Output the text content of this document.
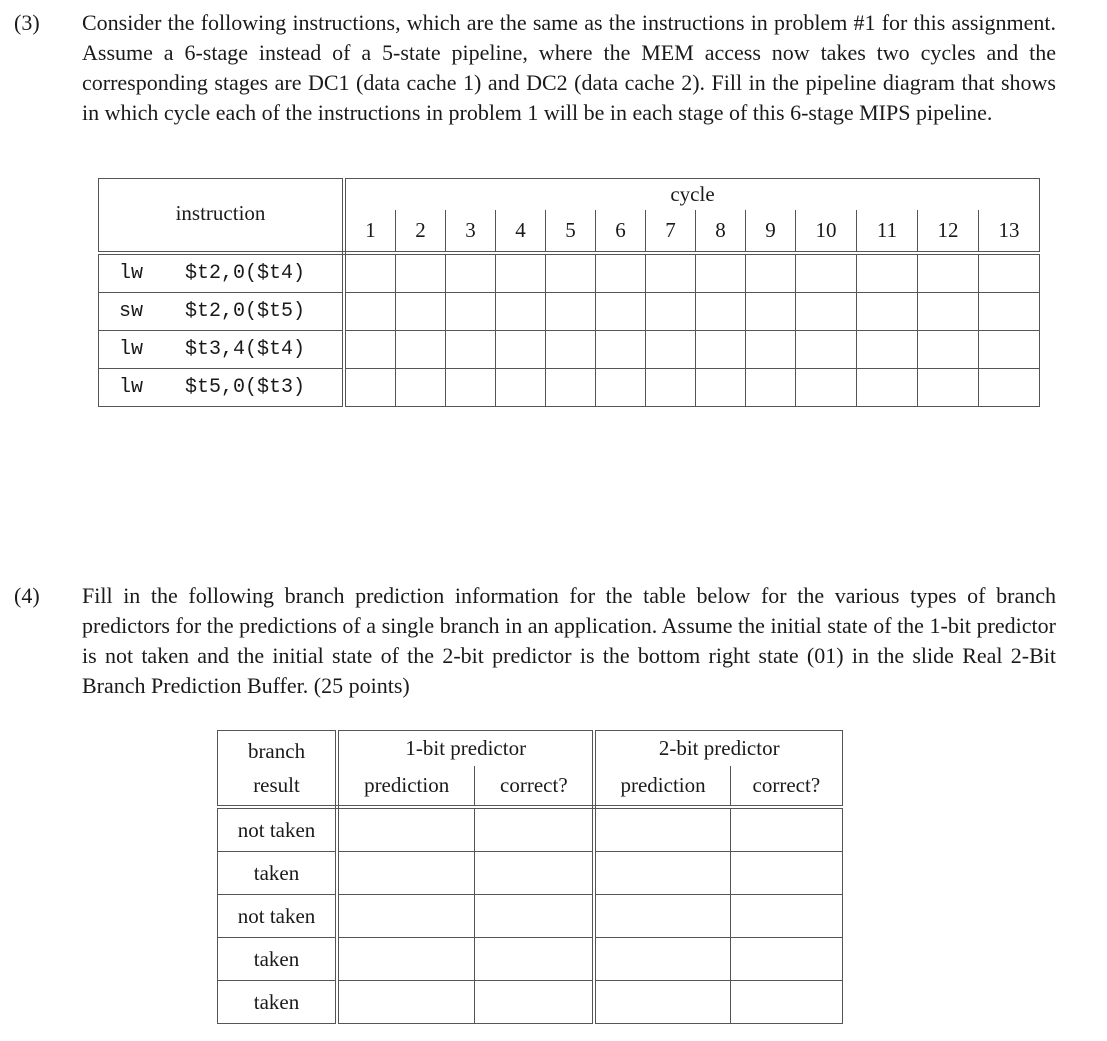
(3) Consider the following instructions, which are the same as the instructions in problem #1 for this assignment. Assume a 6-stage instead of a 5-state pipeline, where the MEM access now takes two cycles and the corresponding stages are DC1 (data cache 1) and DC2 (data cache 2). Fill in the pipeline diagram that shows in which cycle each of the instructions in problem 1 will be in each stage of this 6-stage MIPS pipeline.

instruction		cycle												
		1	2	3	4	5	6	7	8	9	10	11	12	13
lw	$t2,0($t4)													
sw	$t2,0($t5)													
lw	$t3,4($t4)													
lw	$t5,0($t3)													
(4) Fill in the following branch prediction information for the table below for the various types of branch predictors for the predictions of a single branch in an application. Assume the initial state of the 1-bit predictor is not taken and the initial state of the 2-bit predictor is the bottom right state (01) in the slide Real 2-Bit Branch Prediction Buffer. (25 points)

branch
result	1-bit predictor		2-bit predictor	
	prediction	correct?	prediction	correct?
not taken				
taken				
not taken				
taken				
taken				
